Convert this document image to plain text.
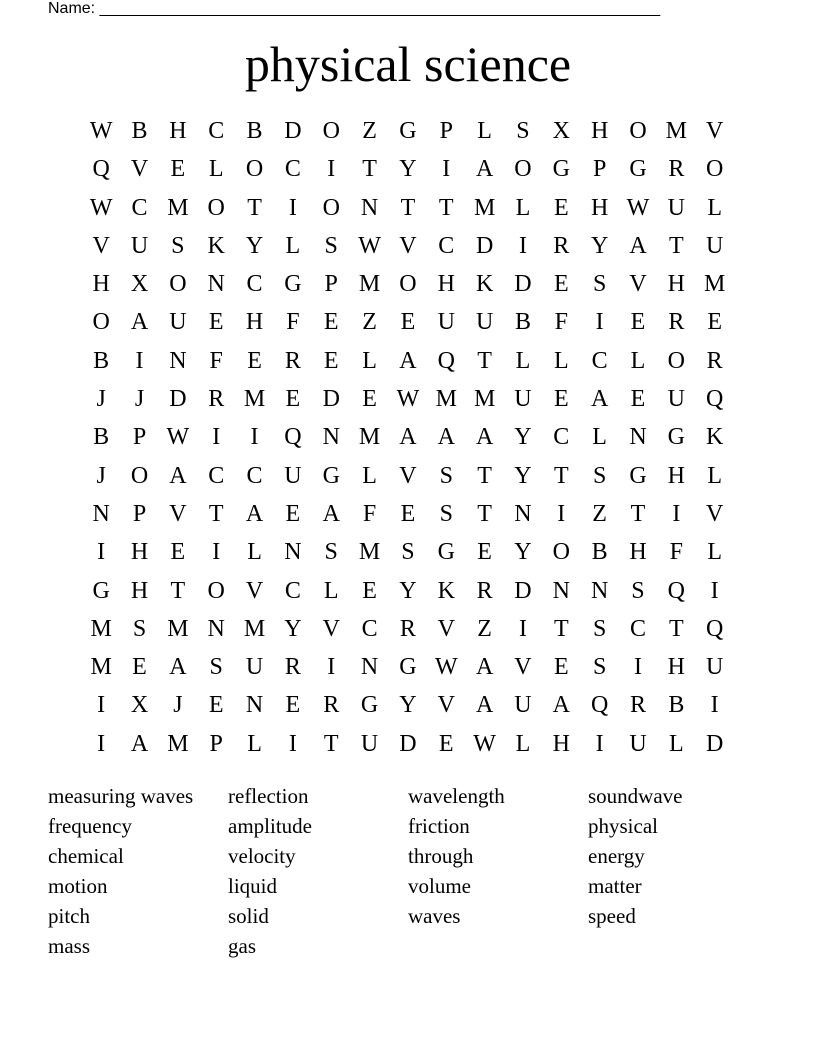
Name: _______________________________________________________________
physical science
W B H C B D O Z G P	L	S X H O M V
Q V E L O C	I	T Y	I	A O G P G R O
W C M O T	I	O N T T M L E H W U L
V U S K Y L	S W V C D	I	R Y A T U
H X O N C G P M O H K D E	S V H M
O A U E H F	E Z E U U B F	I	E R E
B	I	N F	E R E L A Q T L L C L O R
J	J	D R M E D E W M M U E A E U Q
B P W I	I	Q N M A A A Y C L N G K
J	O A C C U G L V S	T Y T	S G H L
N P V T A E A F	E	S	T N	I	Z T	I	V
I	H E	I	L N S M S G E Y O B H F	L
G H T O V C L E Y K R D N N S Q	I
M S M N M Y V C R V Z	I	T	S C T Q
M E A S U R	I	N G W A V E	S	I	H U
I	X	J	E N E R G Y V A U A Q R B	I
I	A M P	L	I	T U D E W L H	I	U L D
measuring waves	reflection	wavelength	soundwave
frequency	amplitude	friction	physical
chemical	velocity	through	energy
motion	liquid	volume	matter
pitch	solid	waves	speed
mass	gas
